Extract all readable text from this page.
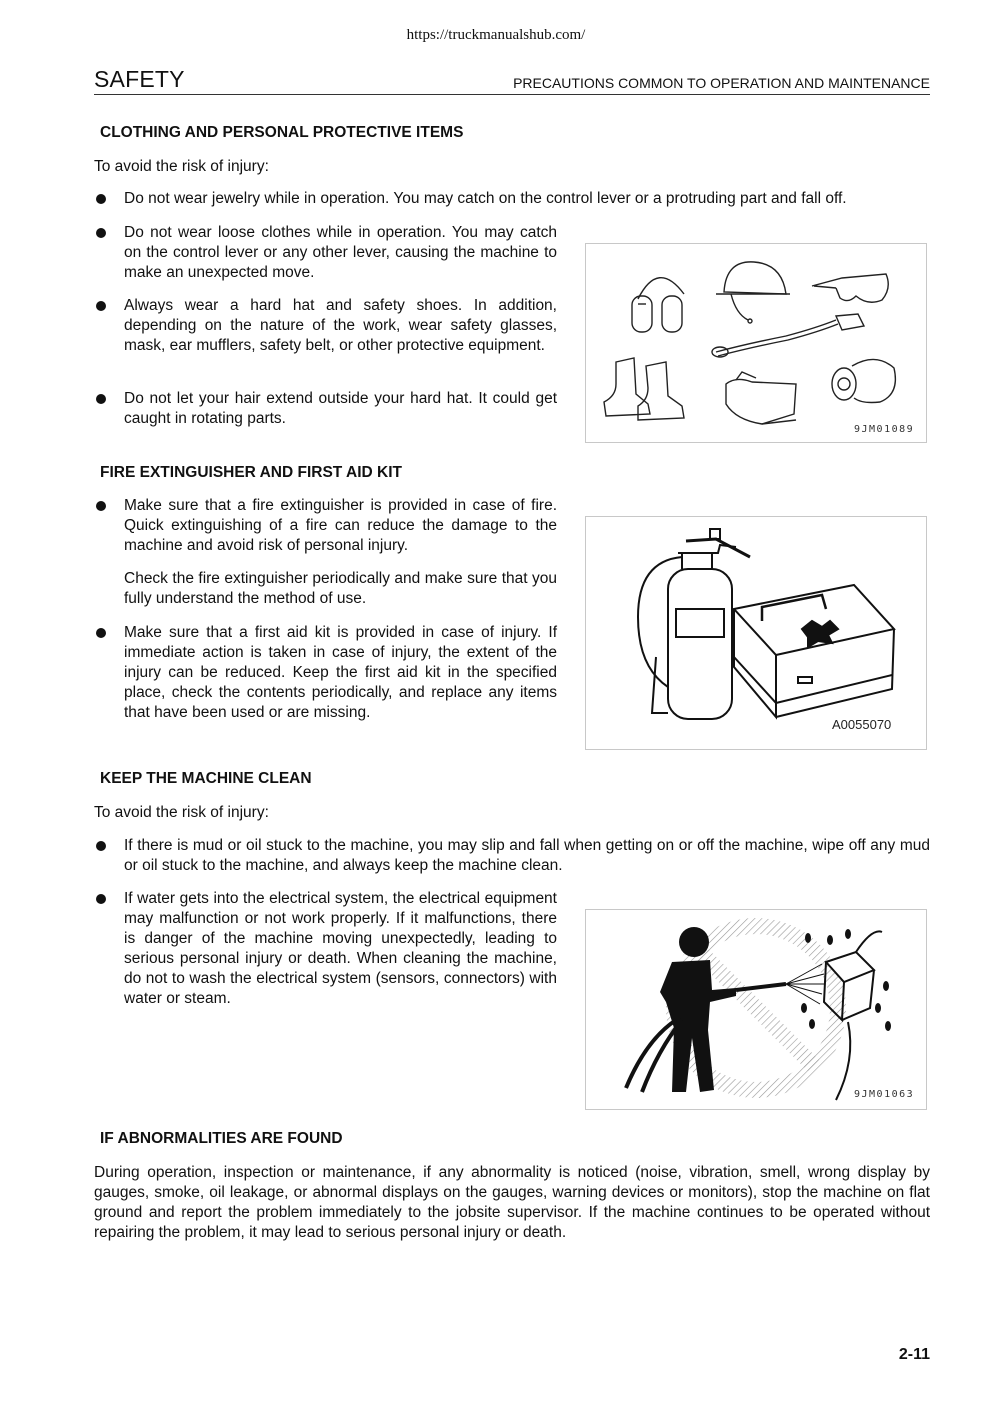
https://truckmanualshub.com/
SAFETY	PRECAUTIONS COMMON TO OPERATION AND MAINTENANCE
CLOTHING AND PERSONAL PROTECTIVE ITEMS
To avoid the risk of injury:
Do not wear jewelry while in operation. You may catch on the control lever or a protruding part and fall off.
Do not wear loose clothes while in operation. You may catch on the control lever or any other lever, causing the machine to make an unexpected move.
Always wear a hard hat and safety shoes. In addition, depending on the nature of the work, wear safety glasses, mask, ear mufflers, safety belt, or other protective equipment.
Do not let your hair extend outside your hard hat. It could get caught in rotating parts.
9JM01089
FIRE EXTINGUISHER AND FIRST AID KIT
Make sure that a fire extinguisher is provided in case of fire. Quick extinguishing of a fire can reduce the damage to the machine and avoid risk of personal injury.
Check the fire extinguisher periodically and make sure that you fully understand the method of use.
Make sure that a first aid kit is provided in case of injury. If immediate action is taken in case of injury, the extent of the injury can be reduced. Keep the first aid kit in the specified place, check the contents periodically, and replace any items that have been used or are missing.
A0055070
KEEP THE MACHINE CLEAN
To avoid the risk of injury:
If there is mud or oil stuck to the machine, you may slip and fall when getting on or off the machine, wipe off any mud or oil stuck to the machine, and always keep the machine clean.
If water gets into the electrical system, the electrical equipment may malfunction or not work properly. If it malfunctions, there is danger of the machine moving unexpectedly, leading to serious personal injury or death. When cleaning the machine, do not to wash the electrical system (sensors, connectors) with water or steam.
9JM01063
IF ABNORMALITIES ARE FOUND
During operation, inspection or maintenance, if any abnormality is noticed (noise, vibration, smell, wrong display by gauges, smoke, oil leakage, or abnormal displays on the gauges, warning devices or monitors), stop the machine on flat ground and report the problem immediately to the jobsite supervisor. If the machine continues to be operated without repairing the problem, it may lead to serious personal injury or death.
2-11
